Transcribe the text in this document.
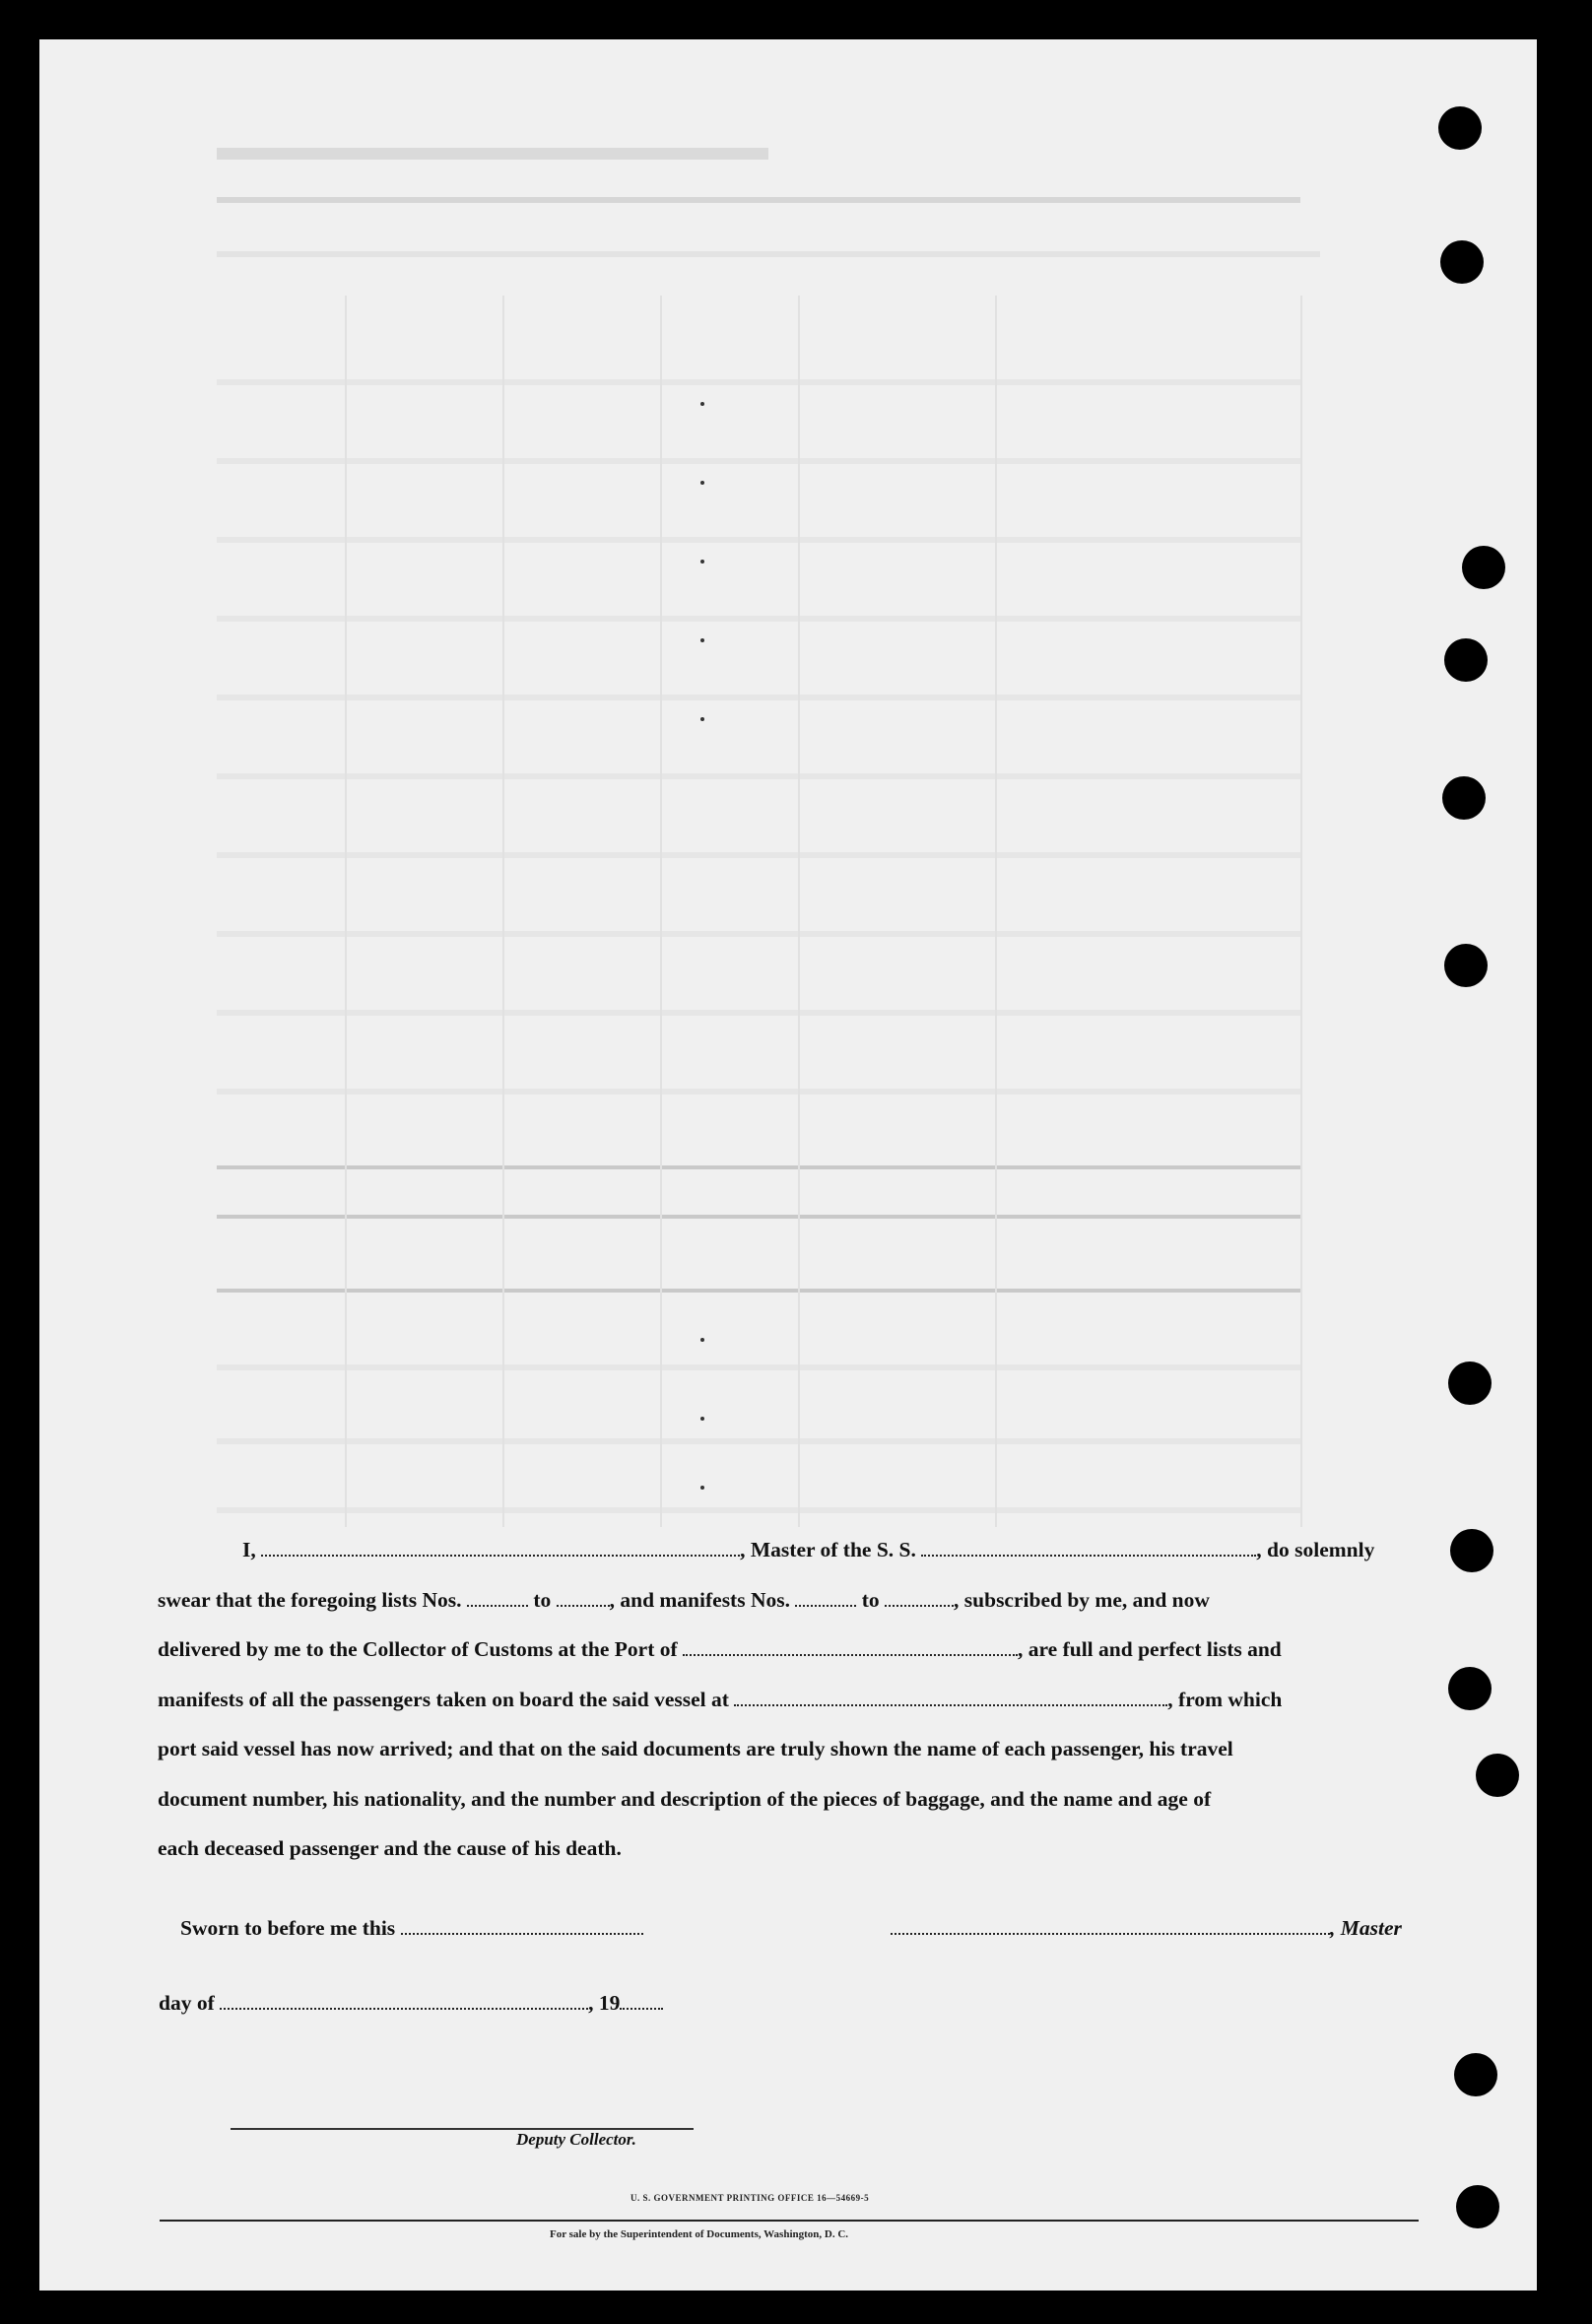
I,	, Master of the S. S.	, do solemnly
swear that the foregoing lists Nos.	to	, and manifests Nos.	to	, subscribed by me, and now
delivered by me to the Collector of Customs at the Port of	, are full and perfect lists and
manifests of all the passengers taken on board the said vessel at	, from which
port said vessel has now arrived; and that on the said documents are truly shown the name of each passenger, his travel
document number, his nationality, and the number and description of the pieces of baggage, and the name and age of
each deceased passenger and the cause of his death.
Sworn to before me this	, Master
day of	, 19
Deputy Collector.
U. S. GOVERNMENT PRINTING OFFICE 16—54669-5
For sale by the Superintendent of Documents, Washington, D. C.
